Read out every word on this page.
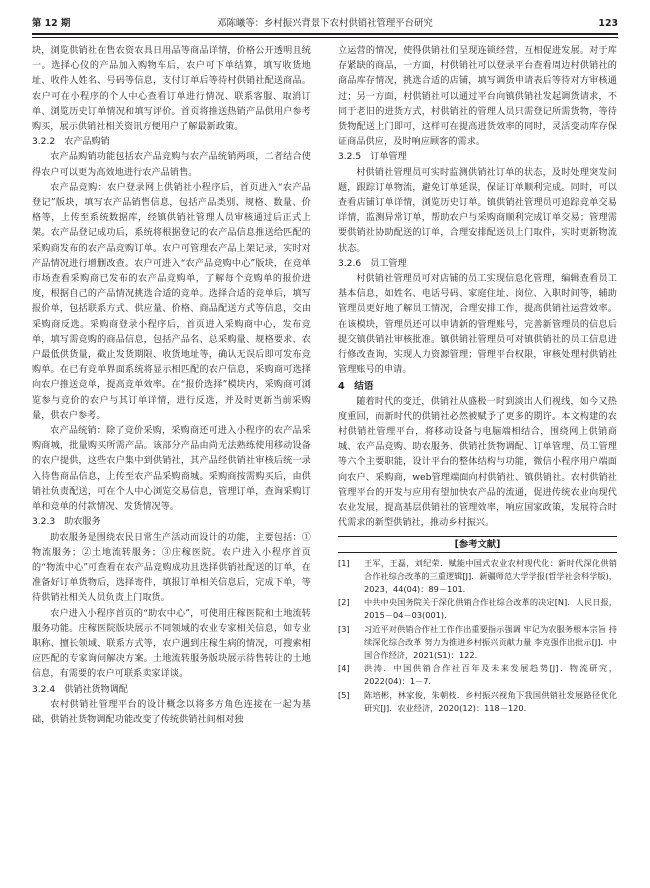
第 12 期	邓陈曦等：乡村振兴背景下农村供销社管理平台研究	123

块，浏览供销社在售农资农具日用品等商品详情，价格公开透明且统一。选择心仪的产品加入购物车后，农户可下单结算，填写收货地址、收件人姓名、号码等信息，支付订单后等待村供销社配送商品。农户可在小程序的个人中心查看订单进行情况、联系客服、取消订单、浏览历史订单情况和填写评价。首页将推送热销产品供用户参考购买，展示供销社相关资讯方便用户了解最新政策。

3.2.2　农产品购销

农产品购销功能包括农产品竞购与农产品统销两项，二者结合使得农户可以更为高效地进行农产品销售。

农产品竞购：农户登录网上供销社小程序后，首页进入“农产品登记”版块，填写农产品销售信息，包括产品类别、规格、数量、价格等，上传至系统数据库，经镇供销社管理人员审核通过后正式上架。农产品登记成功后，系统将根据登记的农产品信息推送给匹配的采购商发布的农产品竞购订单。农户可管理农产品上架记录，实时对产品情况进行增删改查。农户可进入“农产品竞购中心”版块，在竞单市场查看采购商已发布的农产品竞购单，了解每个竞购单的报价进度，根据自己的产品情况挑选合适的竞单。选择合适的竞单后，填写报价单，包括联系方式、供应量、价格、商品配送方式等信息，交由采购商反选。采购商登录小程序后，首页进入采购商中心，发布竞单，填写需竞购的商品信息，包括产品名、总采购量、规格要求、农户最低供货量，截止发货期限、收货地址等，确认无误后即可发布竞购单。在已有竞单界面系统将显示相匹配的农户信息，采购商可选择向农户推送竞单，提高竞单效率。在“报价选择”模块内，采购商可浏览参与竞价的农户与其订单详情，进行反选，并及时更新当前采购量，供农户参考。

农产品统销：除了竞价采购，采购商还可进入小程序的农产品采购商城，批量购买所需产品。该部分产品由尚无法熟练使用移动设备的农户提供，这些农户集中到供销社，其产品经供销社审核后统一录入待售商品信息，上传至农产品采购商城。采购商按需购买后，由供销社负责配送，可在个人中心浏览交易信息，管理订单，查询采购订单和竞单的付款情况、发货情况等。

3.2.3　助农服务

助农服务是围绕农民日常生产活动而设计的功能，主要包括：①物流服务；②土地流转服务；③庄稼医院。农户进入小程序首页的“物流中心”可查看在农产品竞购成功且选择供销社配送的订单，在准备好订单货物后，选择寄件，填报订单相关信息后，完成下单，等待供销社相关人员负责上门取货。

农户进入小程序首页的“助农中心”，可使用庄稼医院和土地流转服务功能。庄稼医院版块展示不同领域的农业专家相关信息，如专业职称、擅长领域、联系方式等，农户遇到庄稼生病的情况，可搜索相应匹配的专家询问解决方案。土地流转服务版块展示待售转让的土地信息，有需要的农户可联系卖家详谈。

3.2.4　供销社货物调配

农村供销社管理平台的设计概念以将多方角色连接在一起为基础，供销社货物调配功能改变了传统供销社间相对独

立运营的情况，使得供销社们呈现连锁经营，互相促进发展。对于库存紧缺的商品，一方面，村供销社可以登录平台查看周边村供销社的商品库存情况，挑选合适的店铺，填写调货申请表后等待对方审核通过；另一方面，村供销社可以通过平台向镇供销社发起调货请求，不同于老旧的进货方式，村供销社的管理人员只需登记所需货物，等待货物配送上门即可，这样可在提高进货效率的同时，灵活变动库存保证商品供应，及时响应顾客的需求。

3.2.5　订单管理

村供销社管理员可实时监测供销社订单的状态，及时处理突发问题，跟踪订单物流，避免订单延误，保证订单顺利完成。同时，可以查看店铺订单详情，浏览历史订单。镇供销社管理员可追踪竞单交易详情，监测异常订单，帮助农户与采购商顺利完成订单交易；管理需要供销社协助配送的订单，合理安排配送员上门取件，实时更新物流状态。

3.2.6　员工管理

村供销社管理员可对店铺的员工实现信息化管理，编辑查看员工基本信息，如姓名、电话号码、家庭住址、岗位、入职时间等，辅助管理员更好地了解员工情况，合理安排工作，提高供销社运营效率。在该模块，管理员还可以申请新的管理账号，完善新管理员的信息后提交镇供销社审核批准。镇供销社管理员可对镇供销社的员工信息进行修改查询，实现人力资源管理；管理平台权限，审核处理村供销社管理账号的申请。

4　结语

随着时代的变迁，供销社从盛极一时到淡出人们视线，如今又热度重回，而新时代的供销社必然被赋予了更多的期许。本文构建的农村供销社管理平台，将移动设备与电脑端相结合，围绕网上供销商城、农产品竞购、助农服务、供销社货物调配、订单管理、员工管理等六个主要职能，设计平台的整体结构与功能，微信小程序用户端面向农户、采购商，web管理端面向村供销社、镇供销社。农村供销社管理平台的开发与应用有望加快农产品的流通，促进传统农业向现代农业发展，提高基层供销社的管理效率，响应国家政策，发展符合时代需求的新型供销社，推动乡村振兴。

[参考文献]
[1] 王军，王磊，刘纪荣．赋能中国式农业农村现代化：新时代深化供销合作社综合改革的三重逻辑[J]．新疆师范大学学报(哲学社会科学版)，2023，44(04)：89－101.
[2] 中共中央国务院关于深化供销合作社综合改革的决定[N]．人民日报，2015－04－03(001).
[3] 习近平对供销合作社工作作出重要指示强调 牢记为农服务根本宗旨 持续深化综合改革 努力为推进乡村振兴贡献力量 李克强作出批示[J]．中国合作经济，2021(S1)：122.
[4] 洪涛．中国供销合作社百年及未来发展趋势[J]．物流研究，2022(04)：1－7.
[5] 陈培彬，林家俊，朱朝枝．乡村振兴视角下我国供销社发展路径优化研究[J]．农业经济，2020(12)：118－120.
